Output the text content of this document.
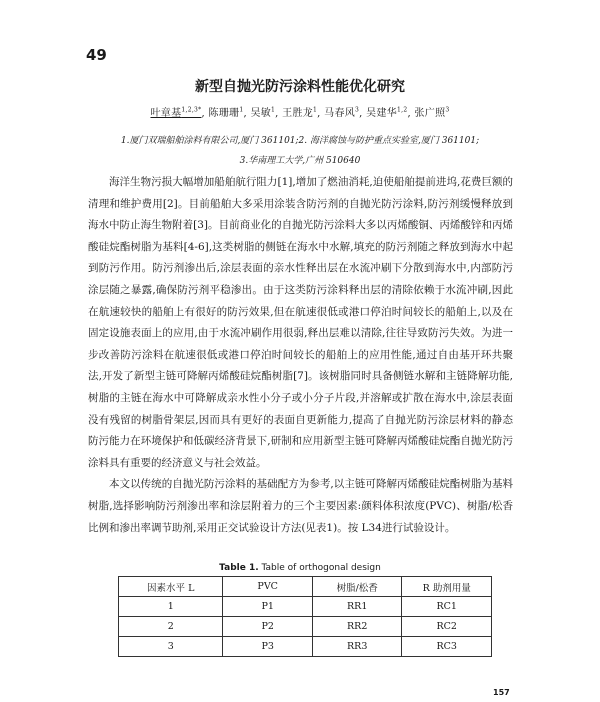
49
新型自抛光防污涂料性能优化研究
叶章基$^{1,2,3*}$, 陈珊珊$^1$, 吴敏$^1$, 王胜龙$^1$, 马春风$^3$, 吴建华$^{1,2}$, 张广照$^3$
1.厦门双瑞船舶涂料有限公司,厦门 361101;2. 海洋腐蚀与防护重点实验室,厦门 361101;
3.华南理工大学,广州 510640

海洋生物污损大幅增加船舶航行阻力[1],增加了燃油消耗,迫使船舶提前进坞,花费巨额的清理和维护费用[2]。目前船舶大多采用涂装含防污剂的自抛光防污涂料,防污剂缓慢释放到海水中防止海生物附着[3]。目前商业化的自抛光防污涂料大多以丙烯酸铜、丙烯酸锌和丙烯酸硅烷酯树脂为基料[4-6],这类树脂的侧链在海水中水解,填充的防污剂随之释放到海水中起到防污作用。防污剂渗出后,涂层表面的亲水性释出层在水流冲刷下分散到海水中,内部防污涂层随之暴露,确保防污剂平稳渗出。由于这类防污涂料释出层的清除依赖于水流冲刷,因此在航速较快的船舶上有很好的防污效果,但在航速很低或港口停泊时间较长的船舶上,以及在固定设施表面上的应用,由于水流冲刷作用很弱,释出层难以清除,往往导致防污失效。为进一步改善防污涂料在航速很低或港口停泊时间较长的船舶上的应用性能,通过自由基开环共聚法,开发了新型主链可降解丙烯酸硅烷酯树脂[7]。该树脂同时具备侧链水解和主链降解功能,树脂的主链在海水中可降解成亲水性小分子或小分子片段,并溶解或扩散在海水中,涂层表面没有残留的树脂骨架层,因而具有更好的表面自更新能力,提高了自抛光防污涂层材料的静态防污能力在环境保护和低碳经济背景下,研制和应用新型主链可降解丙烯酸硅烷酯自抛光防污涂料具有重要的经济意义与社会效益。

本文以传统的自抛光防污涂料的基础配方为参考,以主链可降解丙烯酸硅烷酯树脂为基料树脂,选择影响防污剂渗出率和涂层附着力的三个主要因素:颜料体积浓度(PVC)、树脂/松香比例和渗出率调节助剂,采用正交试验设计方法(见表1)。按 L34进行试验设计。

Table 1. Table of orthogonal design

因素水平 L	PVC	树脂/松香	R 助剂用量
1	P1	RR1	RC1
2	P2	RR2	RC2
3	P3	RR3	RC3

157
